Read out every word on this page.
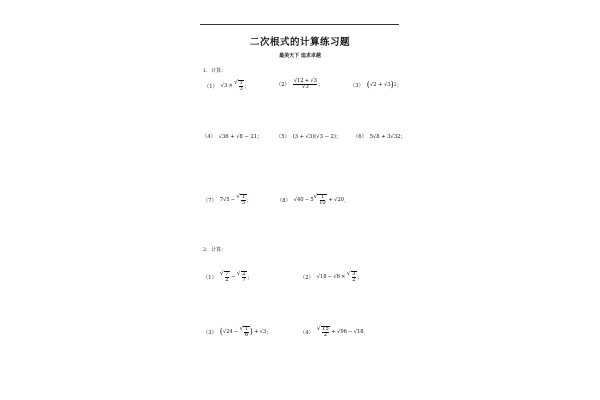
二次根式的计算练习题
最美天下 追求卓越
1．计算：
（1） √3 ×
√ $\frac{1}{3}$ ；	$(2) \frac{√12+√3}{√3}$ ；	（3） ( √2 + √3 ) 2 ；
（4） √36 + √8 − 21 ；	（5） (3 + √3)(√3 − 2) ； （6） 5√8 + 3√32 ；
（7） 7√5 −
√ $\frac{1}{5}$ ；	（8） √40 − 5
√ $\frac{1}{10} + √20$ ．
2．计算：
（1）
√ $\frac{7}{2}$ −
√ $\frac{2}{7}$ ；	（2） √18 − √6 ×
√ $\frac{3}{2}$ ；
（3） ( √24 −
√ $\frac{1}{6}$ ) + √3 ；	（4）
√ $\frac{15}{2} + √96 - √18$ ．
